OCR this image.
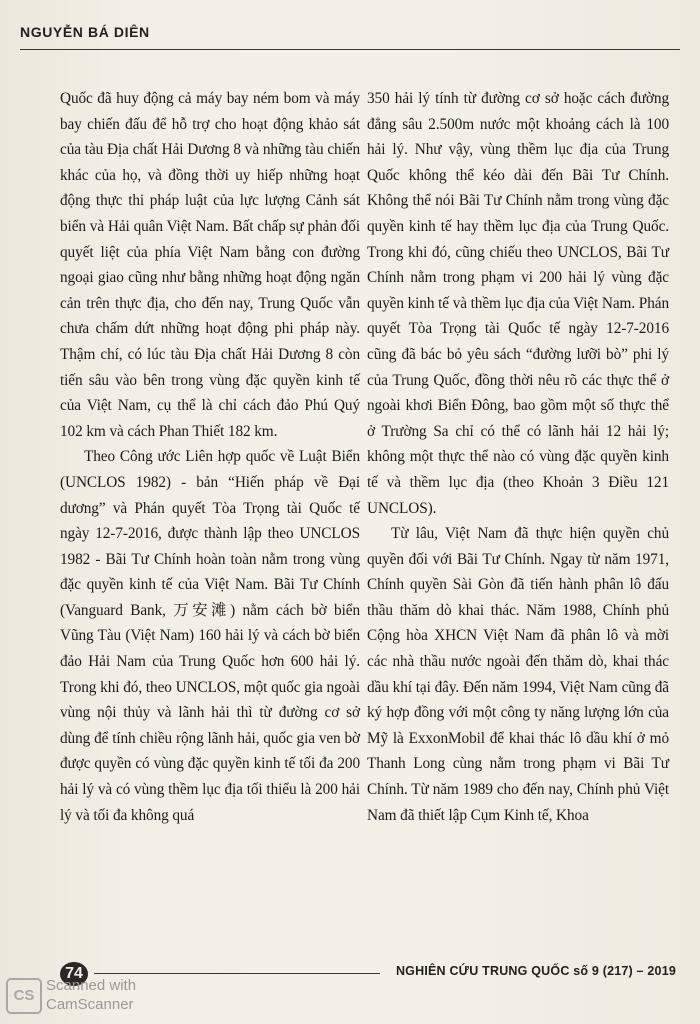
NGUYỄN BÁ DIÊN

Quốc đã huy động cả máy bay ném bom và máy bay chiến đấu để hỗ trợ cho hoạt động khảo sát của tàu Địa chất Hải Dương 8 và những tàu chiến khác của họ, và đồng thời uy hiếp những hoạt động thực thi pháp luật của lực lượng Cảnh sát biển và Hải quân Việt Nam. Bất chấp sự phản đối quyết liệt của phía Việt Nam bằng con đường ngoại giao cũng như bằng những hoạt động ngăn cản trên thực địa, cho đến nay, Trung Quốc vẫn chưa chấm dứt những hoạt động phi pháp này. Thậm chí, có lúc tàu Địa chất Hải Dương 8 còn tiến sâu vào bên trong vùng đặc quyền kinh tế của Việt Nam, cụ thể là chỉ cách đảo Phú Quý 102 km và cách Phan Thiết 182 km.

Theo Công ước Liên hợp quốc về Luật Biển (UNCLOS 1982) - bản “Hiến pháp về Đại dương” và Phán quyết Tòa Trọng tài Quốc tế ngày 12-7-2016, được thành lập theo UNCLOS 1982 - Bãi Tư Chính hoàn toàn nằm trong vùng đặc quyền kinh tế của Việt Nam. Bãi Tư Chính (Vanguard Bank, 万安滩) nằm cách bờ biển Vũng Tàu (Việt Nam) 160 hải lý và cách bờ biển đảo Hải Nam của Trung Quốc hơn 600 hải lý. Trong khi đó, theo UNCLOS, một quốc gia ngoài vùng nội thủy và lãnh hải thì từ đường cơ sở dùng để tính chiều rộng lãnh hải, quốc gia ven bờ được quyền có vùng đặc quyền kinh tế tối đa 200 hải lý và có vùng thềm lục địa tối thiểu là 200 hải lý và tối đa không quá

350 hải lý tính từ đường cơ sở hoặc cách đường đẳng sâu 2.500m nước một khoảng cách là 100 hải lý. Như vậy, vùng thềm lục địa của Trung Quốc không thể kéo dài đến Bãi Tư Chính. Không thể nói Bãi Tư Chính nằm trong vùng đặc quyền kinh tế hay thềm lục địa của Trung Quốc. Trong khi đó, cũng chiếu theo UNCLOS, Bãi Tư Chính nằm trong phạm vi 200 hải lý vùng đặc quyền kinh tế và thềm lục địa của Việt Nam. Phán quyết Tòa Trọng tài Quốc tế ngày 12-7-2016 cũng đã bác bỏ yêu sách “đường lưỡi bò” phi lý của Trung Quốc, đồng thời nêu rõ các thực thể ở ngoài khơi Biển Đông, bao gồm một số thực thể ở Trường Sa chỉ có thể có lãnh hải 12 hải lý; không một thực thể nào có vùng đặc quyền kinh tế và thềm lục địa (theo Khoản 3 Điều 121 UNCLOS).

Từ lâu, Việt Nam đã thực hiện quyền chủ quyền đối với Bãi Tư Chính. Ngay từ năm 1971, Chính quyền Sài Gòn đã tiến hành phân lô đấu thầu thăm dò khai thác. Năm 1988, Chính phủ Cộng hòa XHCN Việt Nam đã phân lô và mời các nhà thầu nước ngoài đến thăm dò, khai thác dầu khí tại đây. Đến năm 1994, Việt Nam cũng đã ký hợp đồng với một công ty năng lượng lớn của Mỹ là ExxonMobil để khai thác lô dầu khí ở mỏ Thanh Long cùng nằm trong phạm vi Bãi Tư Chính. Từ năm 1989 cho đến nay, Chính phủ Việt Nam đã thiết lập Cụm Kinh tế, Khoa

74	NGHIÊN CỨU TRUNG QUỐC số 9 (217) – 2019
CS
Scanned with
CamScanner
